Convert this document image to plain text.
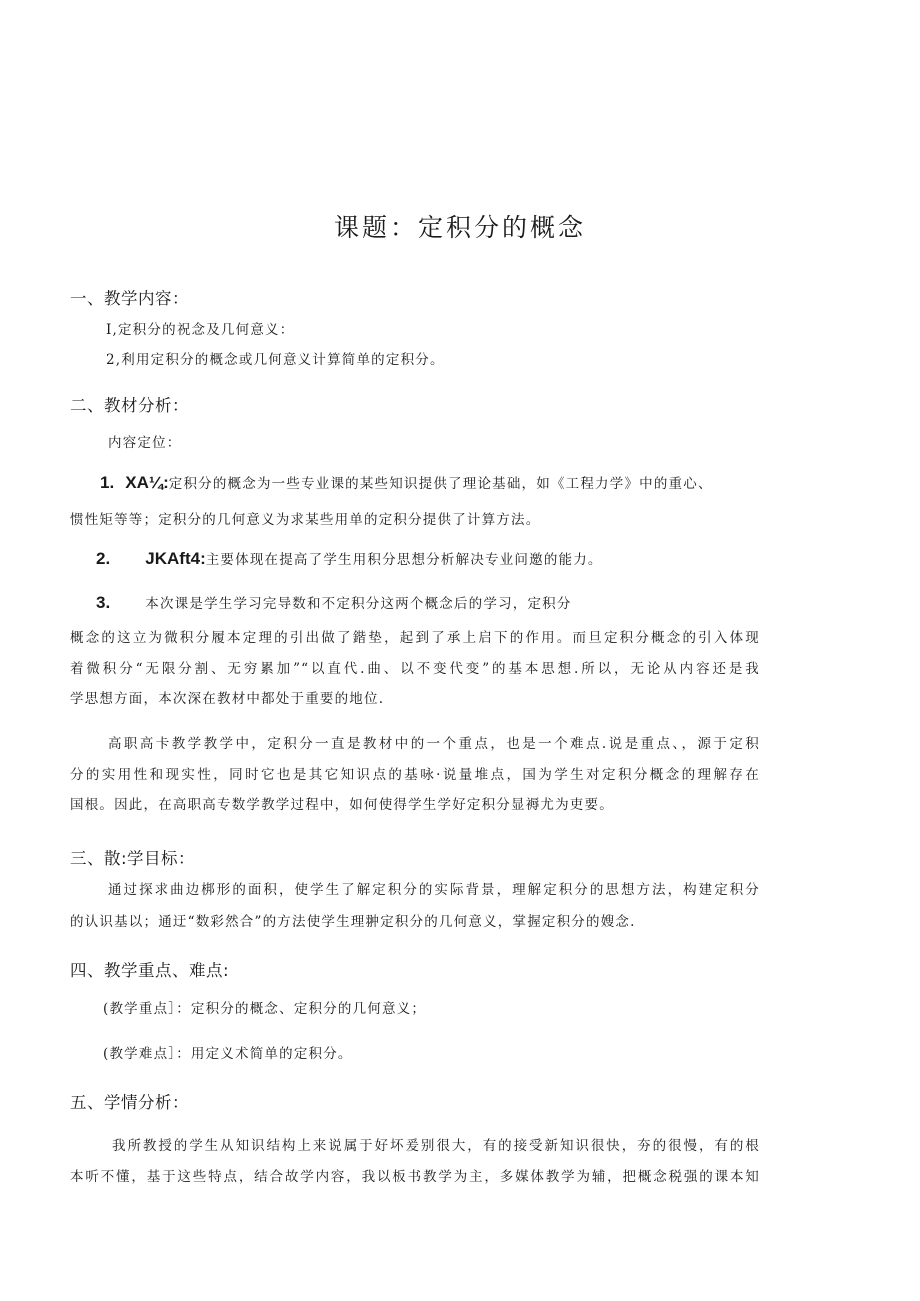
课题：定积分的概念
一、教学内容：
I,定积分的祝念及几何意义：
2,利用定积分的概念或几何意义计算简单的定积分。
二、教材分析：
内容定位：
1. XA¼:定积分的概念为一些专业课的某些知识提供了理论基础，如《工程力学》中的重心、
惯性矩等等；定积分的几何意义为求某些用单的定积分提供了计算方法。
2. JKAft4:主要体现在提高了学生用积分思想分析解决专业问邀的能力。
3.	本次课是学生学习完导数和不定积分这两个概念后的学习，定积分
概念的这立为微积分履本定理的引出做了鍇垫，起到了承上启下的作用。而旦定积分概念的引入体现
着微积分“无限分割、无穷累加”“以直代.曲、以不变代变”的基本思想.所以，无论从内容还是我
学思想方面，本次深在教材中都处于重要的地位.
高职高卡教学教学中，定积分一直是教材中的一个重点，也是一个难点.说是重点、，源于定积
分的实用性和现实性，同时它也是其它知识点的基咏·说量堆点，国为学生对定积分概念的理解存在
国根。因此，在高职高专数学教学过程中，如何使得学生学好定积分显褥尤为吏要。
三、散:学目标：
通过探求曲边梆形的面积，使学生了解定积分的实际背景，理解定积分的思想方法，构建定积分
的认识基以；通迂“数彩然合”的方法使学生理翀定积分的几何意义，掌握定积分的嫂念.
四、教学重点、难点:
(教学重点］：定积分的概念、定积分的几何意义；
(教学难点］：用定义术简单的定积分。
五、学情分析：
我所教授的学生从知识结构上来说属于好坏爰别很大，有的接受新知识很快，夯的很慢，有的根
本听不懂，基于这些特点，结合故学内容，我以板书教学为主，多媒体教学为辅，把概念税强的课本知
